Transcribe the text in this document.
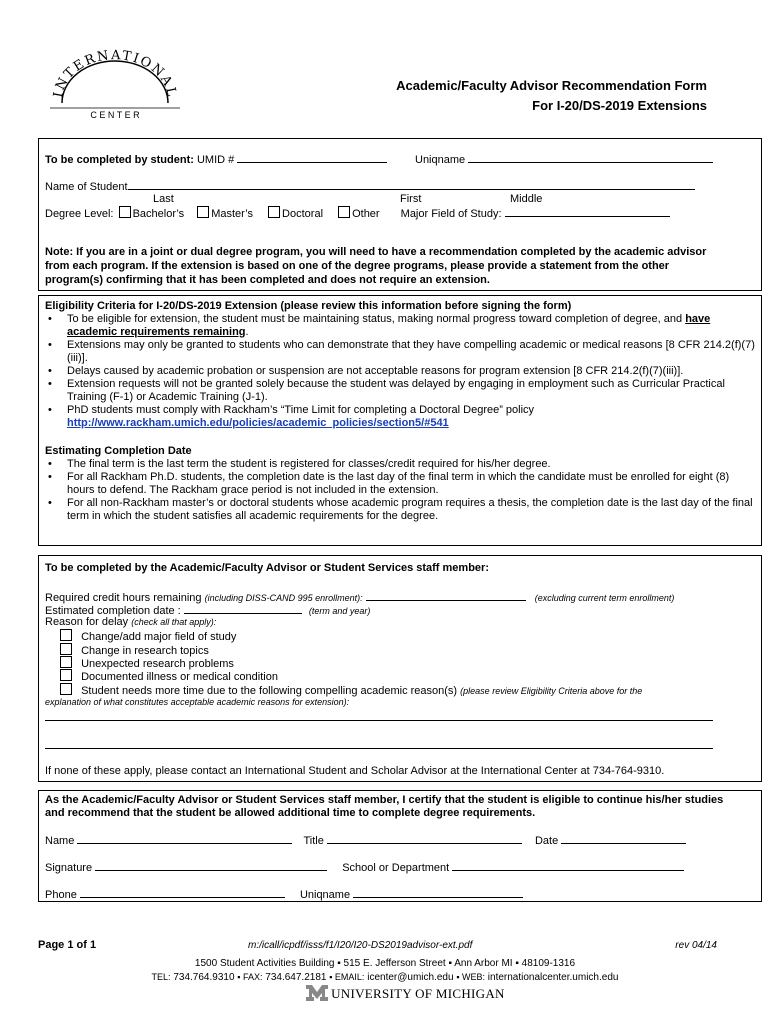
INTERNATIONAL
C E N T E R
Academic/Faculty Advisor Recommendation Form
For I-20/DS-2019 Extensions
To be completed by student: UMID #	Uniqname
Name of Student
Last	First	Middle
Degree Level: Bachelor’s Master’s	Doctoral	Other Major Field of Study:
Note: If you are in a joint or dual degree program, you will need to have a recommendation completed by the academic advisor from each program. If the extension is based on one of the degree programs, please provide a statement from the other program(s) confirming that it has been completed and does not require an extension.
Eligibility Criteria for I-20/DS-2019 Extension (please review this information before signing the form)
• To be eligible for extension, the student must be maintaining status, making normal progress toward completion of degree, and have academic requirements remaining.
• Extensions may only be granted to students who can demonstrate that they have compelling academic or medical reasons [8 CFR 214.2(f)(7)(iii)].
• Delays caused by academic probation or suspension are not acceptable reasons for program extension [8 CFR 214.2(f)(7)(iii)].
• Extension requests will not be granted solely because the student was delayed by engaging in employment such as Curricular Practical Training (F-1) or Academic Training (J-1).
• PhD students must comply with Rackham’s “Time Limit for completing a Doctoral Degree” policy
http://www.rackham.umich.edu/policies/academic_policies/section5/#541
Estimating Completion Date
• The final term is the last term the student is registered for classes/credit required for his/her degree.
• For all Rackham Ph.D. students, the completion date is the last day of the final term in which the candidate must be enrolled for eight (8) hours to defend. The Rackham grace period is not included in the extension.
• For all non-Rackham master’s or doctoral students whose academic program requires a thesis, the completion date is the last day of the final term in which the student satisfies all academic requirements for the degree.
To be completed by the Academic/Faculty Advisor or Student Services staff member:
Required credit hours remaining (including DISS-CAND 995 enrollment):	(excluding current term enrollment)
Estimated completion date :	(term and year)
Reason for delay (check all that apply):
Change/add major field of study
Change in research topics
Unexpected research problems
Documented illness or medical condition
Student needs more time due to the following compelling academic reason(s) (please review Eligibility Criteria above for the
explanation of what constitutes acceptable academic reasons for extension):
If none of these apply, please contact an International Student and Scholar Advisor at the International Center at 734-764-9310.
As the Academic/Faculty Advisor or Student Services staff member, I certify that the student is eligible to continue his/her studies and recommend that the student be allowed additional time to complete degree requirements.
Name	Title	Date
Signature	School or Department
Phone	Uniqname
Page 1 of 1	m:/icall/icpdf/isss/f1/I20/I20-DS2019advisor-ext.pdf	rev 04/14
1500 Student Activities Building ▪ 515 E. Jefferson Street ▪ Ann Arbor MI ▪ 48109-1316
TEL: 734.764.9310 ▪ FAX: 734.647.2181 ▪ EMAIL: icenter@umich.edu ▪ WEB: internationalcenter.umich.edu
UNIVERSITY OF MICHIGAN
